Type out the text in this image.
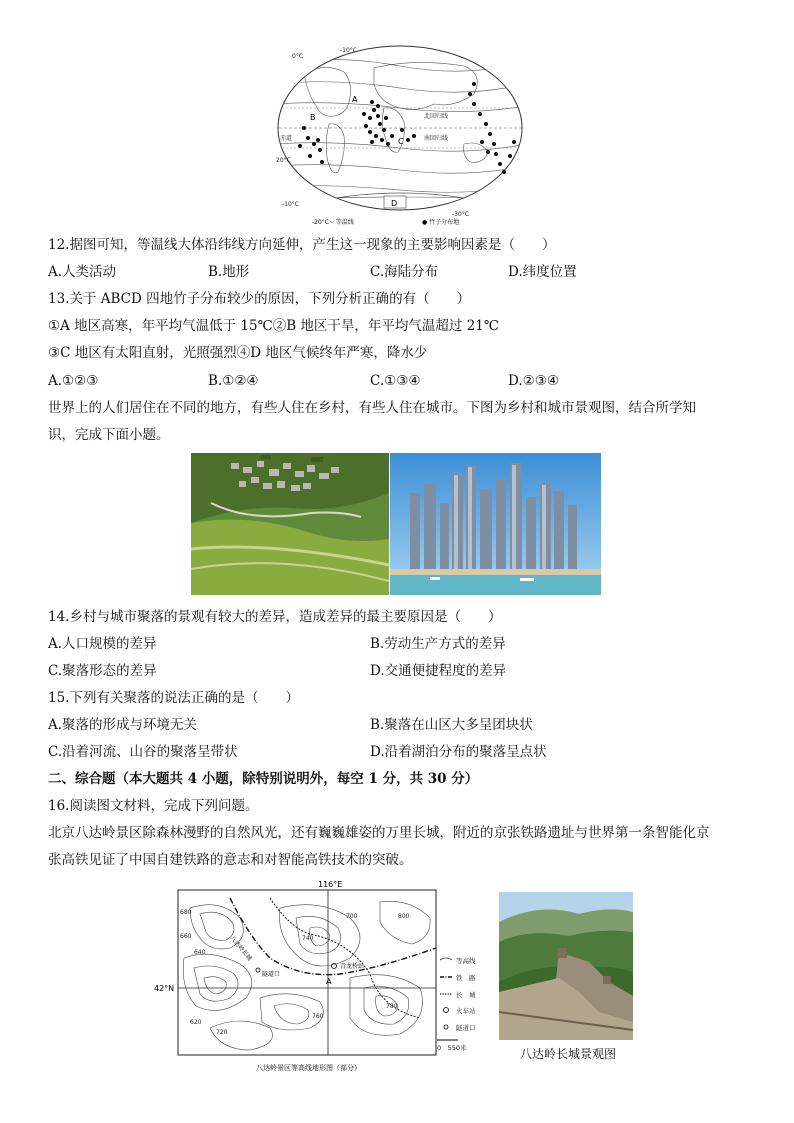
0°C
-10°C
20°C
赤道
北回归线
南回归线
-10°C
-30°C
A
B
C
D
-20°C~ 等温线	● 竹子分布地
12.据图可知，等温线大体沿纬线方向延伸，产生这一现象的主要影响因素是（　　）
A.人类活动	B.地形	C.海陆分布	D.纬度位置
13.关于 ABCD 四地竹子分布较少的原因，下列分析正确的有（　　）
①A 地区高寒，年平均气温低于 15℃②B 地区干旱，年平均气温超过 21℃
③C 地区有太阳直射，光照强烈④D 地区气候终年严寒，降水少
A.①②③	B.①②④	C.①③④	D.②③④
世界上的人们居住在不同的地方，有些人住在乡村，有些人住在城市。下图为乡村和城市景观图，结合所学知
识，完成下面小题。
14.乡村与城市聚落的景观有较大的差异，造成差异的最主要原因是（　　）
A.人口规模的差异	B.劳动生产方式的差异
C.聚落形态的差异	D.交通便捷程度的差异
15.下列有关聚落的说法正确的是（　　）
A.聚落的形成与环境无关	B.聚落在山区大多呈团块状
C.沿着河流、山谷的聚落呈带状	D.沿着湖泊分布的聚落呈点状
二、综合题（本大题共 4 小题，除特别说明外，每空 1 分，共 30 分）
16.阅读图文材料，完成下列问题。
北京八达岭景区除森林漫野的自然风光，还有巍巍雄姿的万里长城，附近的京张铁路遗址与世界第一条智能化京
张高铁见证了中国自建铁路的意志和对智能高铁技术的突破。
116°E
42°N
680
660
640
620
700
720
740
760
780
800
隧道口
青龙桥站
八达岭长城
A
等高线
铁　路
长　城
火车站
隧道口
0　550米
八达岭景区等高线地形图（部分）
八达岭长城景观图
